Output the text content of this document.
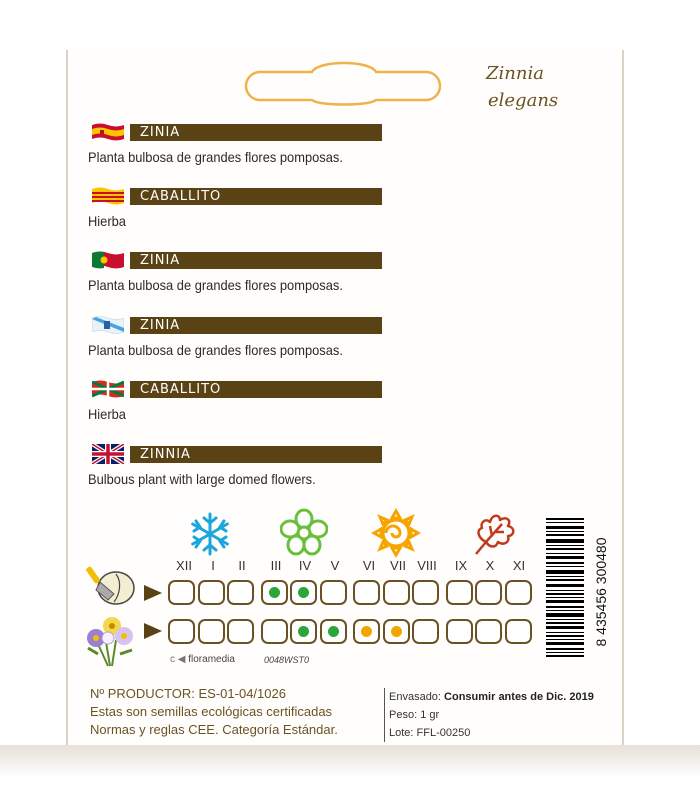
Zinnia
elegans
ZINIA
Planta bulbosa de grandes flores pomposas.
CABALLITO
Hierba
ZINIA
Planta bulbosa de grandes flores pomposas.
ZINIA
Planta bulbosa de grandes flores pomposas.
CABALLITO
Hierba
ZINNIA
Bulbous plant with large domed flowers.
XII	I	II	III	IV	V	VI	VII VIII	IX	X	XI	8 435456 300480
c ◀ floramedia	0048WST0
Nº PRODUCTOR: ES-01-04/1026
Estas son semillas ecológicas certificadas
Normas y reglas CEE. Categoría Estándar.
Envasado: Consumir antes de Dic. 2019
Peso: 1 gr
Lote: FFL-00250
